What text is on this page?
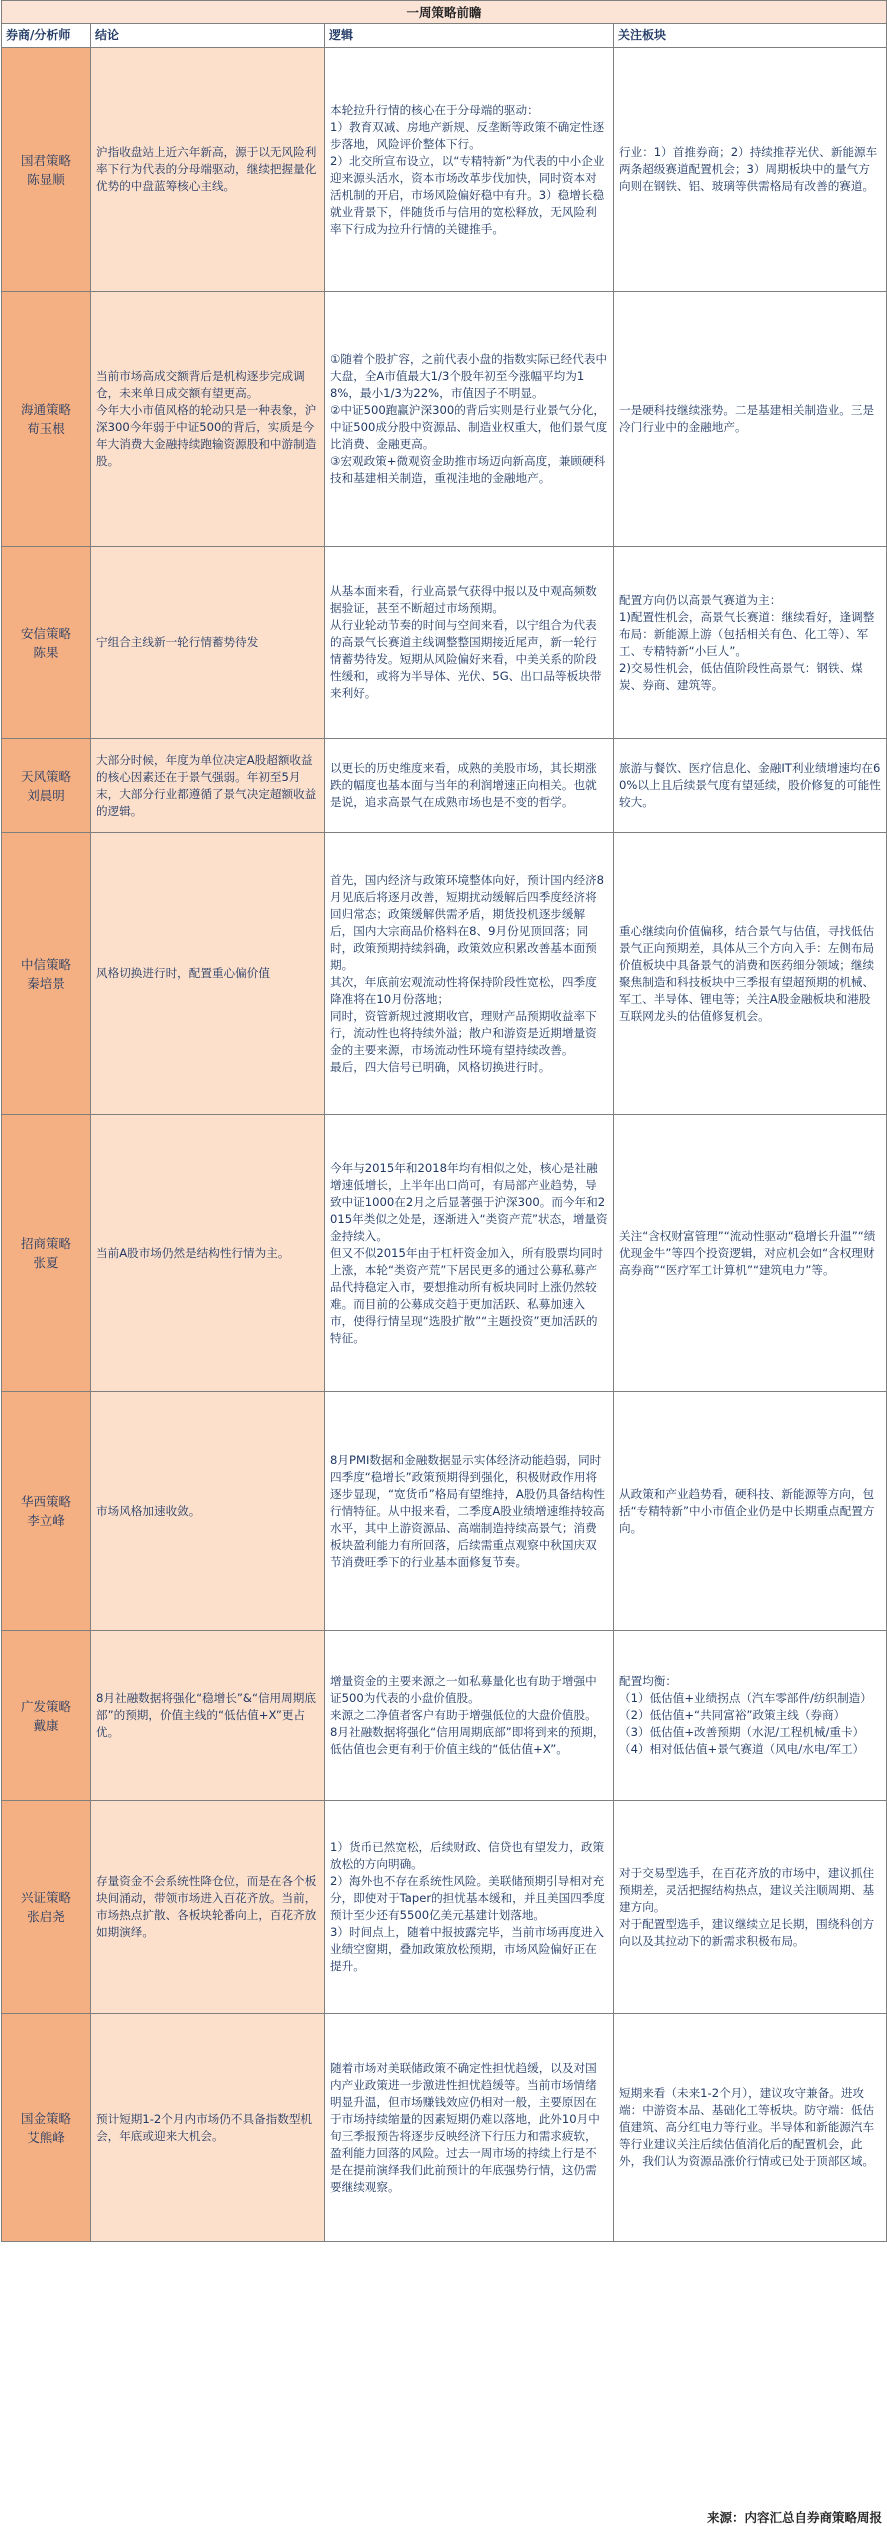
一周策略前瞻			
券商/分析师	结论	逻辑	关注板块
国君策略
陈显顺	沪指收盘站上近六年新高，源于以无风险利率下行为代表的分母端驱动，继续把握量化优势的中盘蓝筹核心主线。	本轮拉升行情的核心在于分母端的驱动：
1）教育双减、房地产新规、反垄断等政策不确定性逐步落地，风险评价整体下行。
2）北交所宣布设立，以“专精特新”为代表的中小企业迎来源头活水，资本市场改革步伐加快，同时资本对活机制的开启，市场风险偏好稳中有升。3）稳增长稳就业背景下，伴随货币与信用的宽松释放，无风险利率下行成为拉升行情的关键推手。	行业：1）首推券商；2）持续推荐光伏、新能源车两条超级赛道配置机会；3）周期板块中的量气方向则在钢铁、铝、玻璃等供需格局有改善的赛道。
海通策略
荀玉根	当前市场高成交额背后是机构逐步完成调仓，未来单日成交额有望更高。
今年大小市值风格的轮动只是一种表象，沪深300今年弱于中证500的背后，实质是今年大消费大金融持续跑输资源股和中游制造股。	①随着个股扩容，之前代表小盘的指数实际已经代表中大盘，全A市值最大1/3个股年初至今涨幅平均为18%，最小1/3为22%，市值因子不明显。
②中证500跑赢沪深300的背后实则是行业景气分化，中证500成分股中资源品、制造业权重大，他们景气度比消费、金融更高。
③宏观政策+微观资金助推市场迈向新高度，兼顾硬科技和基建相关制造，重视洼地的金融地产。	一是硬科技继续涨势。二是基建相关制造业。三是冷门行业中的金融地产。
安信策略
陈果	宁组合主线新一轮行情蓄势待发	从基本面来看，行业高景气获得中报以及中观高频数据验证，甚至不断超过市场预期。
从行业轮动节奏的时间与空间来看，以宁组合为代表的高景气长赛道主线调整整国期接近尾声，新一轮行情蓄势待发。短期从风险偏好来看，中美关系的阶段性缓和，或将为半导体、光伏、5G、出口品等板块带来利好。	配置方向仍以高景气赛道为主：
1)配置性机会，高景气长赛道：继续看好，逢调整布局：新能源上游（包括相关有色、化工等）、军工、专精特新“小巨人”。
2)交易性机会，低估值阶段性高景气：钢铁、煤炭、券商、建筑等。
天风策略
刘晨明	大部分时候，年度为单位决定A股超额收益的核心因素还在于景气强弱。年初至5月末，大部分行业都遵循了景气决定超额收益的逻辑。	以更长的历史维度来看，成熟的美股市场，其长期涨跌的幅度也基本面与当年的利润增速正向相关。也就是说，追求高景气在成熟市场也是不变的哲学。	旅游与餐饮、医疗信息化、金融IT利业绩增速均在60%以上且后续景气度有望延续，股价修复的可能性较大。
中信策略
秦培景	风格切换进行时，配置重心偏价值	首先，国内经济与政策环境整体向好，预计国内经济8月见底后将逐月改善，短期扰动缓解后四季度经济将回归常态；政策缓解供需矛盾，期货投机逐步缓解后，国内大宗商品价格料在8、9月份见顶回落；同时，政策预期持续斜确，政策效应积累改善基本面预期。
其次，年底前宏观流动性将保持阶段性宽松，四季度降准将在10月份落地；
同时，资管新规过渡期收官，理财产品预期收益率下行，流动性也将持续外溢；散户和游资是近期增量资金的主要来源，市场流动性环境有望持续改善。
最后，四大信号已明确，风格切换进行时。	重心继续向价值偏移，结合景气与估值，寻找低估景气正向预期差，具体从三个方向入手：左侧布局价值板块中具备景气的消费和医药细分领域；继续聚焦制造和科技板块中三季报有望超预期的机械、军工、半导体、锂电等；关注A股金融板块和港股互联网龙头的估值修复机会。
招商策略
张夏	当前A股市场仍然是结构性行情为主。	今年与2015年和2018年均有相似之处，核心是社融增速低增长，上半年出口尚可，有局部产业趋势，导致中证1000在2月之后显著强于沪深300。而今年和2015年类似之处是，逐渐进入“类资产荒”状态，增量资金持续入。
但又不似2015年由于杠杆资金加入，所有股票均同时上涨，本轮“类资产荒”下居民更多的通过公募私募产品代持稳定入市，要想推动所有板块同时上涨仍然较难。而目前的公募成交趋于更加活跃、私募加速入市，使得行情呈现“选股扩散”“主题投资”更加活跃的特征。	关注“含权财富管理”“流动性驱动“稳增长升温”“绩优现金牛”等四个投资逻辑，对应机会如“含权理财高券商”“医疗军工计算机”“建筑电力”等。
华西策略
李立峰	市场风格加速收敛。	8月PMI数据和金融数据显示实体经济动能趋弱，同时四季度“稳增长”政策预期得到强化，积极财政作用将逐步显现，“宽货币”格局有望维持，A股仍具备结构性行情特征。从中报来看，二季度A股业绩增速维持较高水平，其中上游资源品、高端制造持续高景气；消费板块盈利能力有所回落，后续需重点观察中秋国庆双节消费旺季下的行业基本面修复节奏。	从政策和产业趋势看，硬科技、新能源等方向，包括“专精特新”中小市值企业仍是中长期重点配置方向。
广发策略
戴康	8月社融数据将强化“稳增长”&“信用周期底部”的预期，价值主线的“低估值+X”更占优。	增量资金的主要来源之一如私募量化也有助于增强中证500为代表的小盘价值股。
来源之二净值者客户有助于增强低位的大盘价值股。
8月社融数据将强化“信用周期底部”即将到来的预期，低估值也会更有利于价值主线的“低估值+X”。	配置均衡：
（1）低估值+业绩拐点（汽车零部件/纺织制造）
（2）低估值+“共同富裕”政策主线（券商）
（3）低估值+改善预期（水泥/工程机械/重卡）
（4）相对低估值+景气赛道（风电/水电/军工）
兴证策略
张启尧	存量资金不会系统性降仓位，而是在各个板块间涌动，带领市场进入百花齐放。当前，市场热点扩散、各板块轮番向上，百花齐放如期演绎。	1）货币已然宽松，后续财政、信贷也有望发力，政策放松的方向明确。
2）海外也不存在系统性风险。美联储预期引导相对充分，即使对于Taper的担忧基本缓和，并且美国四季度预计至少还有5500亿美元基建计划落地。
3）时间点上，随着中报披露完毕，当前市场再度进入业绩空窗期，叠加政策放松预期，市场风险偏好正在提升。	对于交易型选手，在百花齐放的市场中，建议抓住预期差，灵活把握结构热点，建议关注顺周期、基建方向。
对于配置型选手，建议继续立足长期，围绕科创方向以及其拉动下的新需求积极布局。
国金策略
艾熊峰	预计短期1-2个月内市场仍不具备指数型机会，年底或迎来大机会。	随着市场对美联储政策不确定性担忧趋缓，以及对国内产业政策进一步激进性担忧趋缓等。当前市场情绪明显升温，但市场赚钱效应仍相对一般，主要原因在于市场持续缩量的因素短期仍难以落地，此外10月中旬三季报预告将逐步反映经济下行压力和需求疲软，盈利能力回落的风险。过去一周市场的持续上行是不是在提前演绎我们此前预计的年底强势行情，这仍需要继续观察。	短期来看（未来1-2个月），建议攻守兼备。进攻端：中游资本品、基础化工等板块。防守端：低估值建筑、高分红电力等行业。半导体和新能源汽车等行业建议关注后续估值消化后的配置机会，此外，我们认为资源品涨价行情或已处于顶部区域。
来源：内容汇总自券商策略周报
